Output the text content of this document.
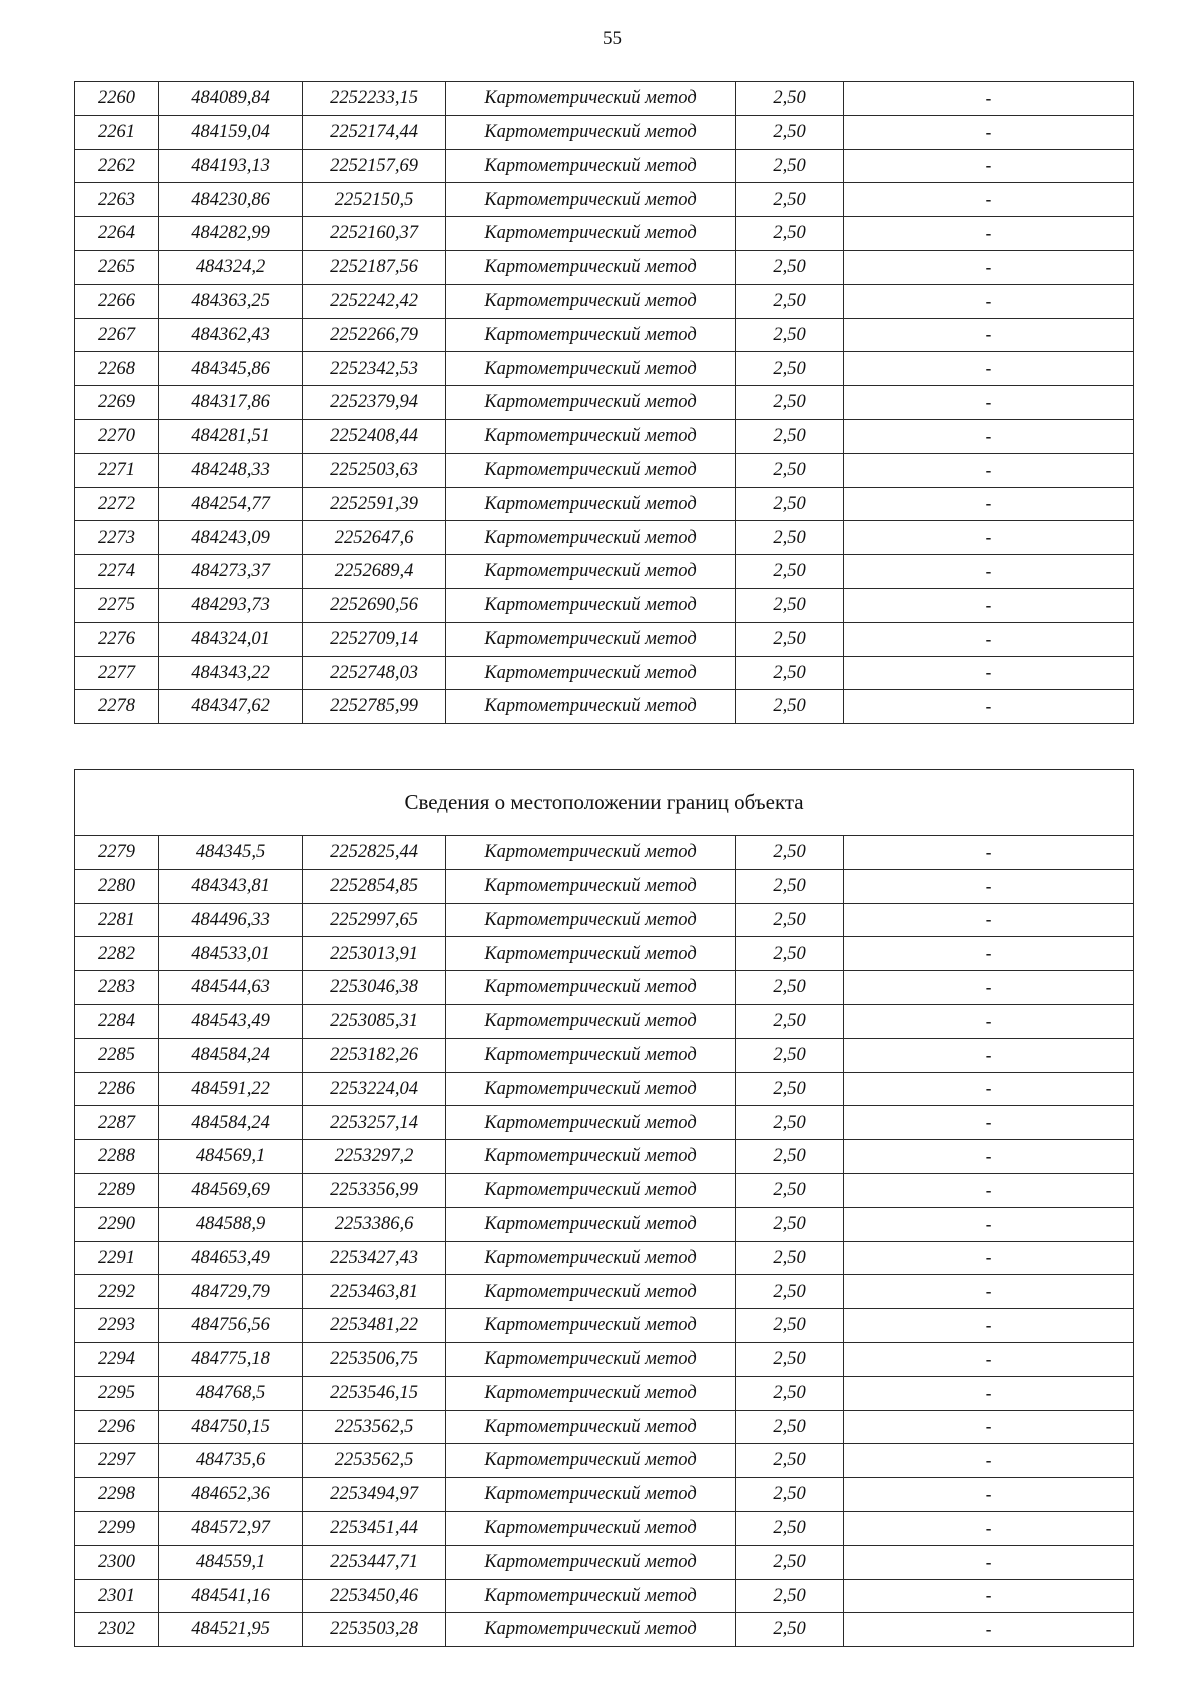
55
2260	484089,84	2252233,15	Картометрический метод	2,50	-
2261	484159,04	2252174,44	Картометрический метод	2,50	-
2262	484193,13	2252157,69	Картометрический метод	2,50	-
2263	484230,86	2252150,5	Картометрический метод	2,50	-
2264	484282,99	2252160,37	Картометрический метод	2,50	-
2265	484324,2	2252187,56	Картометрический метод	2,50	-
2266	484363,25	2252242,42	Картометрический метод	2,50	-
2267	484362,43	2252266,79	Картометрический метод	2,50	-
2268	484345,86	2252342,53	Картометрический метод	2,50	-
2269	484317,86	2252379,94	Картометрический метод	2,50	-
2270	484281,51	2252408,44	Картометрический метод	2,50	-
2271	484248,33	2252503,63	Картометрический метод	2,50	-
2272	484254,77	2252591,39	Картометрический метод	2,50	-
2273	484243,09	2252647,6	Картометрический метод	2,50	-
2274	484273,37	2252689,4	Картометрический метод	2,50	-
2275	484293,73	2252690,56	Картометрический метод	2,50	-
2276	484324,01	2252709,14	Картометрический метод	2,50	-
2277	484343,22	2252748,03	Картометрический метод	2,50	-
2278	484347,62	2252785,99	Картометрический метод	2,50	-
Сведения о местоположении границ объекта					
2279	484345,5	2252825,44	Картометрический метод	2,50	-
2280	484343,81	2252854,85	Картометрический метод	2,50	-
2281	484496,33	2252997,65	Картометрический метод	2,50	-
2282	484533,01	2253013,91	Картометрический метод	2,50	-
2283	484544,63	2253046,38	Картометрический метод	2,50	-
2284	484543,49	2253085,31	Картометрический метод	2,50	-
2285	484584,24	2253182,26	Картометрический метод	2,50	-
2286	484591,22	2253224,04	Картометрический метод	2,50	-
2287	484584,24	2253257,14	Картометрический метод	2,50	-
2288	484569,1	2253297,2	Картометрический метод	2,50	-
2289	484569,69	2253356,99	Картометрический метод	2,50	-
2290	484588,9	2253386,6	Картометрический метод	2,50	-
2291	484653,49	2253427,43	Картометрический метод	2,50	-
2292	484729,79	2253463,81	Картометрический метод	2,50	-
2293	484756,56	2253481,22	Картометрический метод	2,50	-
2294	484775,18	2253506,75	Картометрический метод	2,50	-
2295	484768,5	2253546,15	Картометрический метод	2,50	-
2296	484750,15	2253562,5	Картометрический метод	2,50	-
2297	484735,6	2253562,5	Картометрический метод	2,50	-
2298	484652,36	2253494,97	Картометрический метод	2,50	-
2299	484572,97	2253451,44	Картометрический метод	2,50	-
2300	484559,1	2253447,71	Картометрический метод	2,50	-
2301	484541,16	2253450,46	Картометрический метод	2,50	-
2302	484521,95	2253503,28	Картометрический метод	2,50	-
